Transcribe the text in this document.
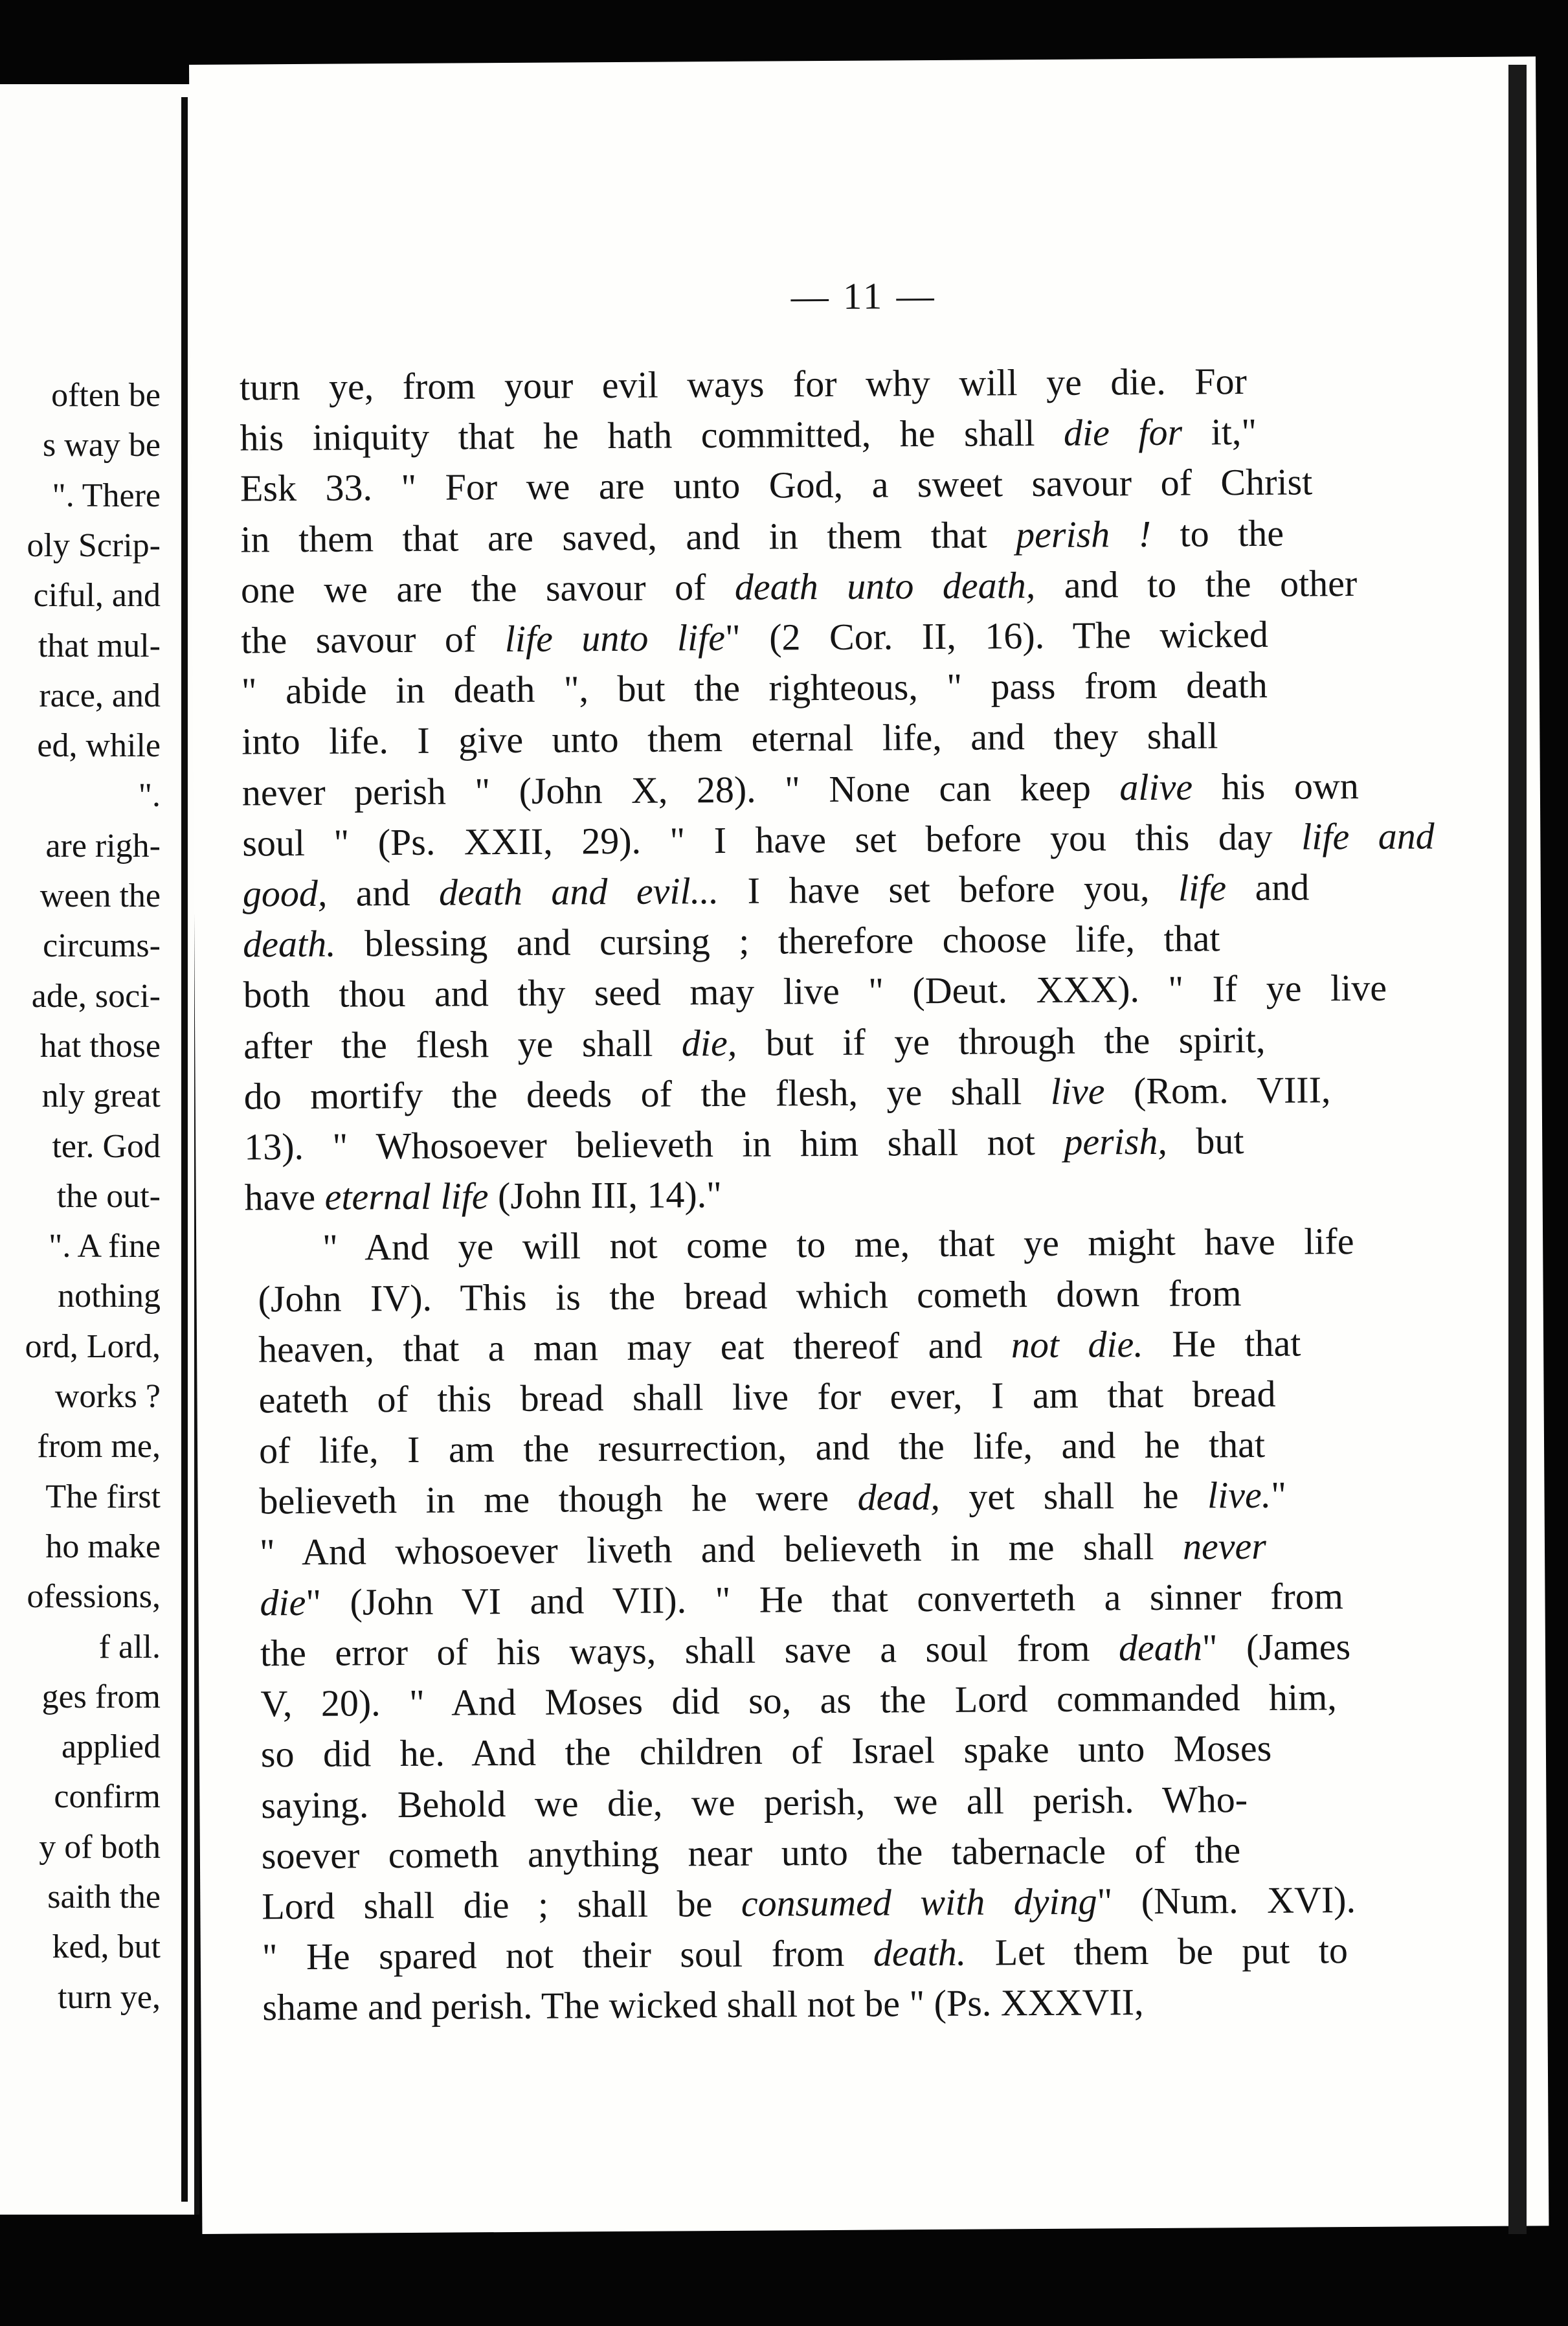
often be
s way be
". There
oly Scrip-
ciful, and
that mul-
race, and
ed, while
".
are righ-
ween the
circums-
ade, soci-
hat those
nly great
ter. God
the out-
". A fine
nothing
ord, Lord,
works ?
from me,
The first
ho make
ofessions,
f all.
ges from
applied
confirm
y of both
saith the
ked, but
turn ye,
— 11 —
turn ye, from your evil ways for why will ye die. For
his iniquity that he hath committed, he shall die for it,"
Esk 33. " For we are unto God, a sweet savour of Christ
in them that are saved, and in them that perish ! to the
one we are the savour of death unto death, and to the other
the savour of life unto life" (2 Cor. II, 16). The wicked
" abide in death ", but the righteous, " pass from death
into life. I give unto them eternal life, and they shall
never perish " (John X, 28). " None can keep alive his own
soul " (Ps. XXII, 29). " I have set before you this day life and
good, and death and evil... I have set before you, life and
death. blessing and cursing ; therefore choose life, that
both thou and thy seed may live " (Deut. XXX). " If ye live
after the flesh ye shall die, but if ye through the spirit,
do mortify the deeds of the flesh, ye shall live (Rom. VIII,
13). " Whosoever believeth in him shall not perish, but
have eternal life (John III, 14)."
" And ye will not come to me, that ye might have life
(John IV). This is the bread which cometh down from
heaven, that a man may eat thereof and not die. He that
eateth of this bread shall live for ever, I am that bread
of life, I am the resurrection, and the life, and he that
believeth in me though he were dead, yet shall he live."
" And whosoever liveth and believeth in me shall never
die" (John VI and VII). " He that converteth a sinner from
the error of his ways, shall save a soul from death" (James
V, 20). " And Moses did so, as the Lord commanded him,
so did he. And the children of Israel spake unto Moses
saying. Behold we die, we perish, we all perish. Who-
soever cometh anything near unto the tabernacle of the
Lord shall die ; shall be consumed with dying" (Num. XVI).
" He spared not their soul from death. Let them be put to
shame and perish. The wicked shall not be " (Ps. XXXVII,
